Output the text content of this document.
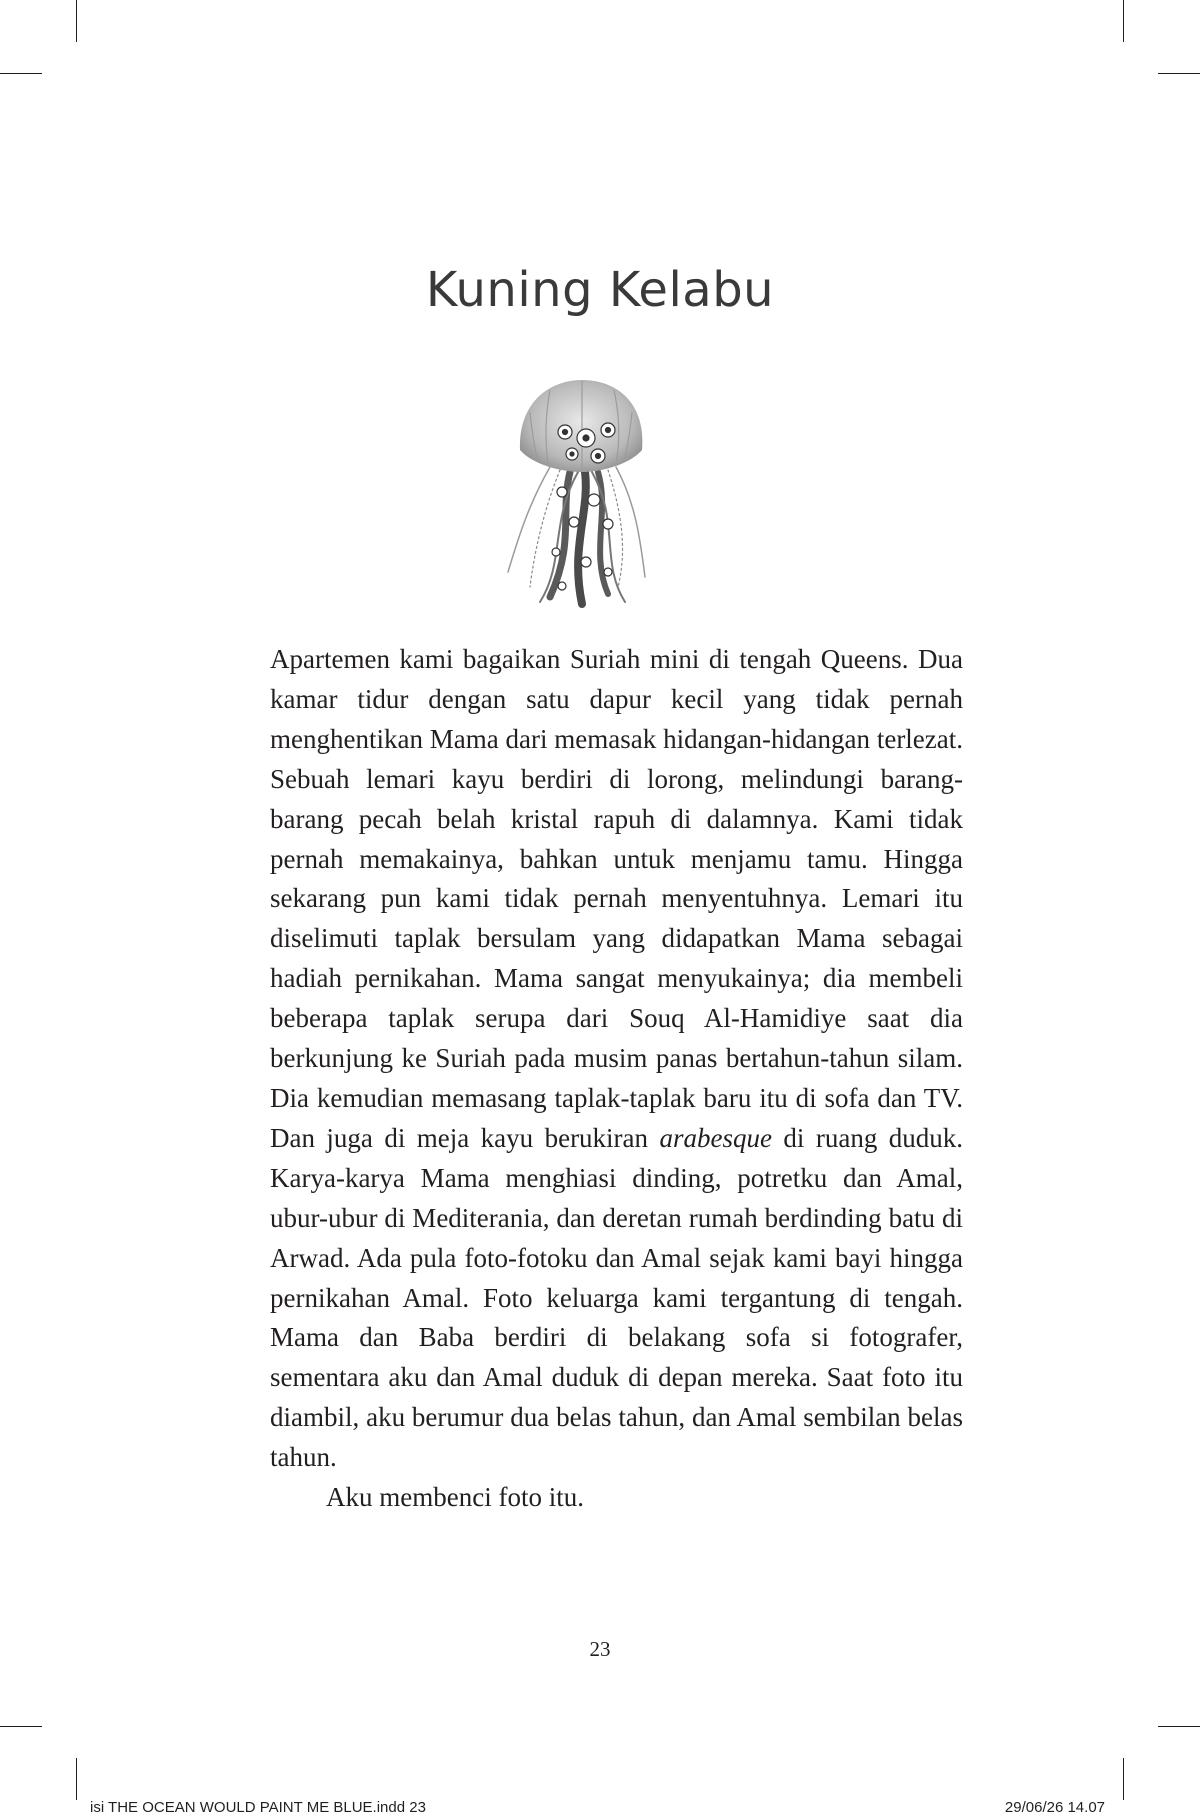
Kuning Kelabu

Apartemen kami bagaikan Suriah mini di tengah Queens. Dua kamar tidur dengan satu dapur kecil yang tidak pernah menghentikan Mama dari memasak hidangan-hidangan terlezat. Sebuah lemari kayu berdiri di lorong, melindungi barang-barang pecah belah kristal rapuh di dalamnya. Kami tidak pernah memakainya, bahkan untuk menjamu tamu. Hingga sekarang pun kami tidak pernah menyentuhnya. Lemari itu diselimuti taplak bersulam yang didapatkan Mama sebagai hadiah pernikahan. Mama sangat menyukainya; dia membeli beberapa taplak serupa dari Souq Al-Hamidiye saat dia berkunjung ke Suriah pada musim panas bertahun-tahun silam. Dia kemudian memasang taplak-taplak baru itu di sofa dan TV. Dan juga di meja kayu berukiran arabesque di ruang duduk. Karya-karya Mama menghiasi dinding, potretku dan Amal, ubur-ubur di Mediterania, dan deretan rumah berdinding batu di Arwad. Ada pula foto-fotoku dan Amal sejak kami bayi hingga pernikahan Amal. Foto keluarga kami tergantung di tengah. Mama dan Baba berdiri di belakang sofa si fotografer, sementara aku dan Amal duduk di depan mereka. Saat foto itu diambil, aku berumur dua belas tahun, dan Amal sembilan belas tahun.

Aku membenci foto itu.

23
isi THE OCEAN WOULD PAINT ME BLUE.indd 23	29/06/26 14.07
